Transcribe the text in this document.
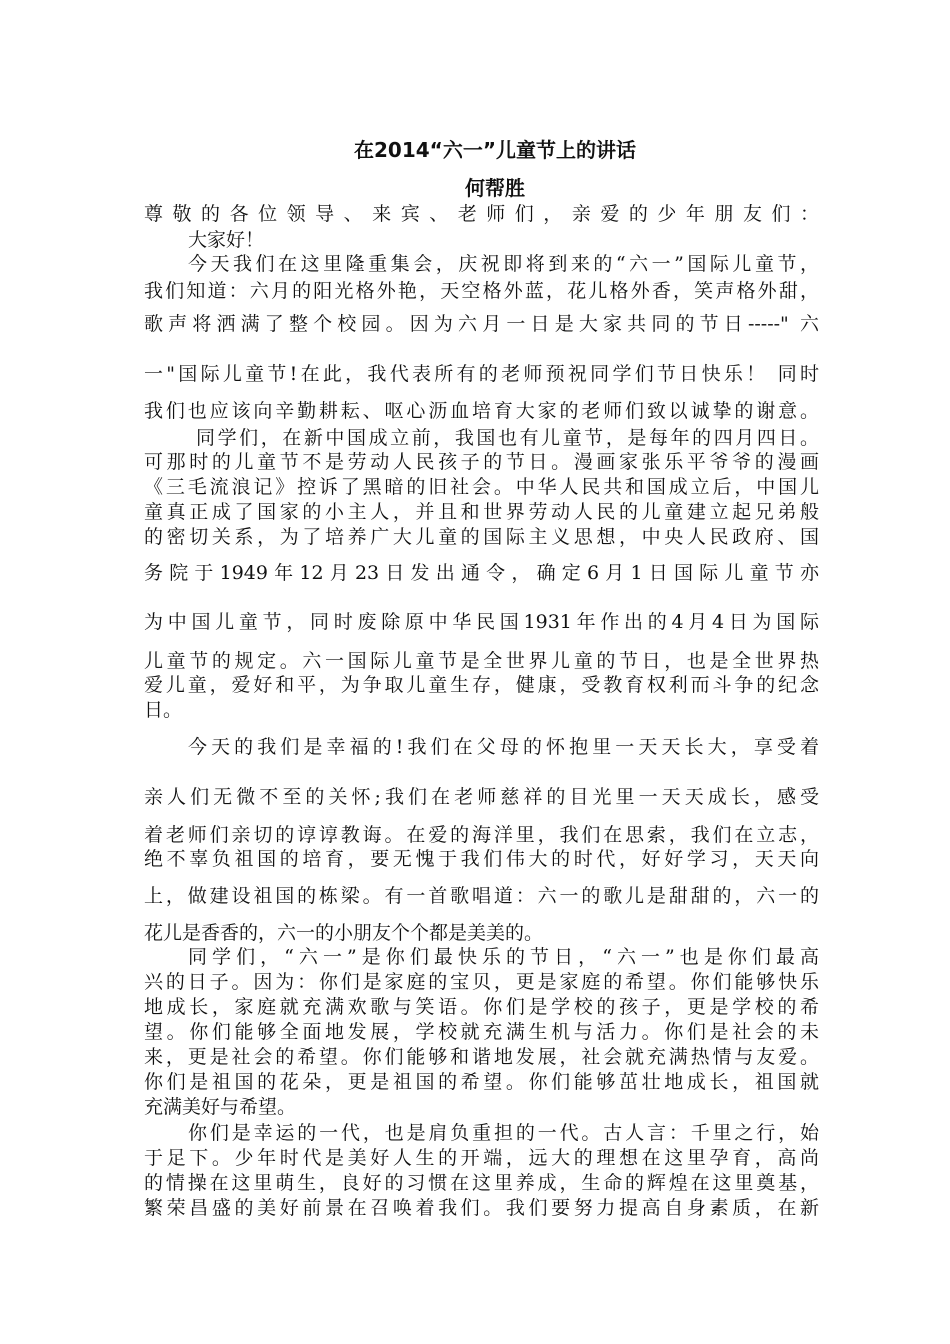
在2014“六一”儿童节上的讲话
何帮胜

尊敬的各位领导、来宾、老师们，亲爱的少年朋友们：

大家好！

今天我们在这里隆重集会，庆祝即将到来的“六一”国际儿童节，

我们知道：六月的阳光格外艳，天空格外蓝，花儿格外香，笑声格外甜，

歌声将洒满了整个校园。因为六月一日是大家共同的节日-----" 六

一"国际儿童节!在此，我代表所有的老师预祝同学们节日快乐！ 同时

我们也应该向辛勤耕耘、呕心沥血培育大家的老师们致以诚挚的谢意。

同学们，在新中国成立前，我国也有儿童节，是每年的四月四日。

可那时的儿童节不是劳动人民孩子的节日。漫画家张乐平爷爷的漫画

《三毛流浪记》控诉了黑暗的旧社会。中华人民共和国成立后，中国儿

童真正成了国家的小主人，并且和世界劳动人民的儿童建立起兄弟般

的密切关系，为了培养广大儿童的国际主义思想，中央人民政府、国

务院于1949年12月23日发出通令，确定6月1日国际儿童节亦

为中国儿童节，同时废除原中华民国1931年作出的4月4日为国际

儿童节的规定。六一国际儿童节是全世界儿童的节日，也是全世界热

爱儿童，爱好和平，为争取儿童生存，健康，受教育权利而斗争的纪念

日。

今天的我们是幸福的!我们在父母的怀抱里一天天长大，享受着

亲人们无微不至的关怀;我们在老师慈祥的目光里一天天成长，感受

着老师们亲切的谆谆教诲。在爱的海洋里，我们在思索，我们在立志，

绝不辜负祖国的培育，要无愧于我们伟大的时代，好好学习，天天向

上，做建设祖国的栋梁。有一首歌唱道：六一的歌儿是甜甜的，六一的

花儿是香香的，六一的小朋友个个都是美美的。

同学们，“六一”是你们最快乐的节日，“六一”也是你们最高

兴的日子。因为：你们是家庭的宝贝，更是家庭的希望。你们能够快乐

地成长，家庭就充满欢歌与笑语。你们是学校的孩子，更是学校的希

望。你们能够全面地发展，学校就充满生机与活力。你们是社会的未

来，更是社会的希望。你们能够和谐地发展，社会就充满热情与友爱。

你们是祖国的花朵，更是祖国的希望。你们能够茁壮地成长，祖国就

充满美好与希望。

你们是幸运的一代，也是肩负重担的一代。古人言：千里之行，始

于足下。少年时代是美好人生的开端，远大的理想在这里孕育，高尚

的情操在这里萌生，良好的习惯在这里养成，生命的辉煌在这里奠基，

繁荣昌盛的美好前景在召唤着我们。我们要努力提高自身素质，在新
